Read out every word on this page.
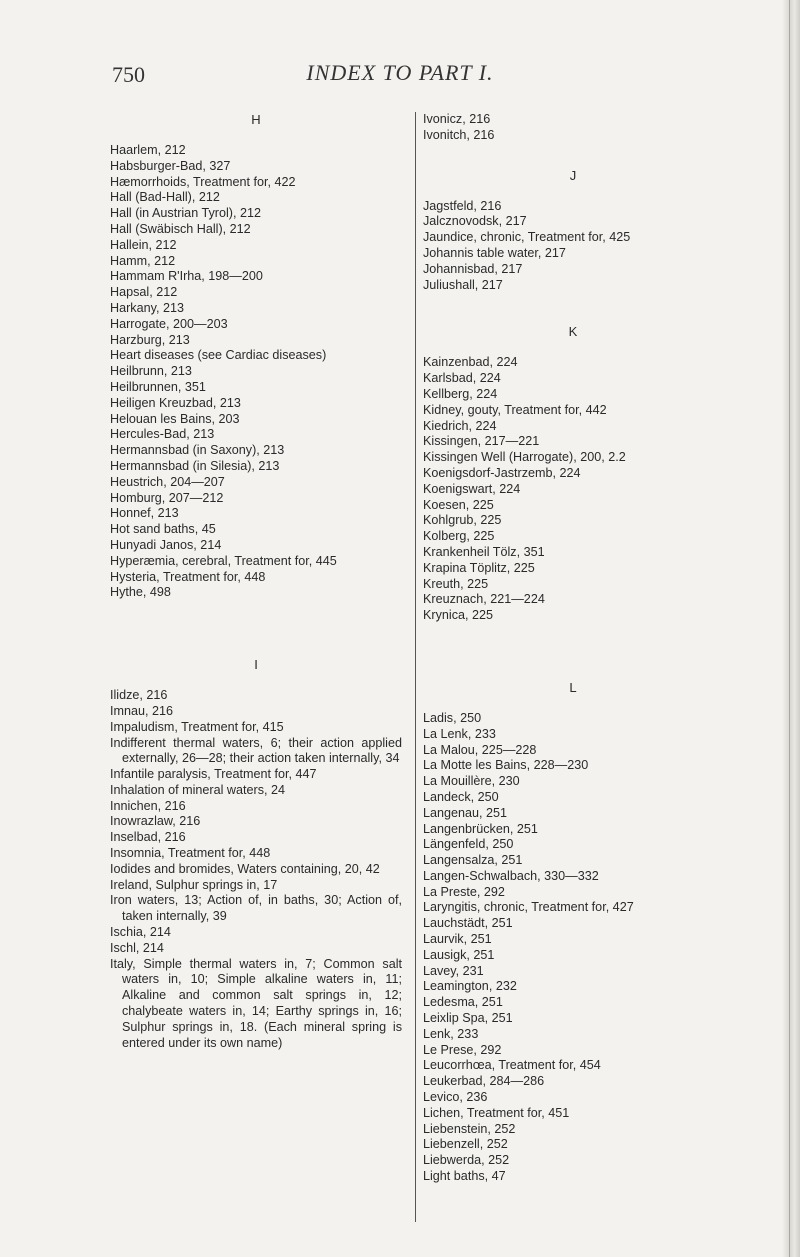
750	INDEX TO PART I.
H
Haarlem, 212
Habsburger-Bad, 327
Hæmorrhoids, Treatment for, 422
Hall (Bad-Hall), 212
Hall (in Austrian Tyrol), 212
Hall (Swäbisch Hall), 212
Hallein, 212
Hamm, 212
Hammam R'Irha, 198—200
Hapsal, 212
Harkany, 213
Harrogate, 200—203
Harzburg, 213
Heart diseases (see Cardiac diseases)
Heilbrunn, 213
Heilbrunnen, 351
Heiligen Kreuzbad, 213
Helouan les Bains, 203
Hercules-Bad, 213
Hermannsbad (in Saxony), 213
Hermannsbad (in Silesia), 213
Heustrich, 204—207
Homburg, 207—212
Honnef, 213
Hot sand baths, 45
Hunyadi Janos, 214
Hyperæmia, cerebral, Treatment for, 445
Hysteria, Treatment for, 448
Hythe, 498
I
Ilidze, 216
Imnau, 216
Impaludism, Treatment for, 415
Indifferent thermal waters, 6; their action applied externally, 26—28; their action taken internally, 34
Infantile paralysis, Treatment for, 447
Inhalation of mineral waters, 24
Innichen, 216
Inowrazlaw, 216
Inselbad, 216
Insomnia, Treatment for, 448
Iodides and bromides, Waters containing, 20, 42
Ireland, Sulphur springs in, 17
Iron waters, 13; Action of, in baths, 30; Action of, taken internally, 39
Ischia, 214
Ischl, 214
Italy, Simple thermal waters in, 7; Common salt waters in, 10; Simple alkaline waters in, 11; Alkaline and common salt springs in, 12; chalybeate waters in, 14; Earthy springs in, 16; Sulphur springs in, 18. (Each mineral spring is entered under its own name)
Ivonicz, 216
Ivonitch, 216
J
Jagstfeld, 216
Jalcznovodsk, 217
Jaundice, chronic, Treatment for, 425
Johannis table water, 217
Johannisbad, 217
Juliushall, 217
K
Kainzenbad, 224
Karlsbad, 224
Kellberg, 224
Kidney, gouty, Treatment for, 442
Kiedrich, 224
Kissingen, 217—221
Kissingen Well (Harrogate), 200, 2.2
Koenigsdorf-Jastrzemb, 224
Koenigswart, 224
Koesen, 225
Kohlgrub, 225
Kolberg, 225
Krankenheil Tölz, 351
Krapina Töplitz, 225
Kreuth, 225
Kreuznach, 221—224
Krynica, 225
L
Ladis, 250
La Lenk, 233
La Malou, 225—228
La Motte les Bains, 228—230
La Mouillère, 230
Landeck, 250
Langenau, 251
Langenbrücken, 251
Längenfeld, 250
Langensalza, 251
Langen-Schwalbach, 330—332
La Preste, 292
Laryngitis, chronic, Treatment for, 427
Lauchstädt, 251
Laurvik, 251
Lausigk, 251
Lavey, 231
Leamington, 232
Ledesma, 251
Leixlip Spa, 251
Lenk, 233
Le Prese, 292
Leucorrhœa, Treatment for, 454
Leukerbad, 284—286
Levico, 236
Lichen, Treatment for, 451
Liebenstein, 252
Liebenzell, 252
Liebwerda, 252
Light baths, 47
